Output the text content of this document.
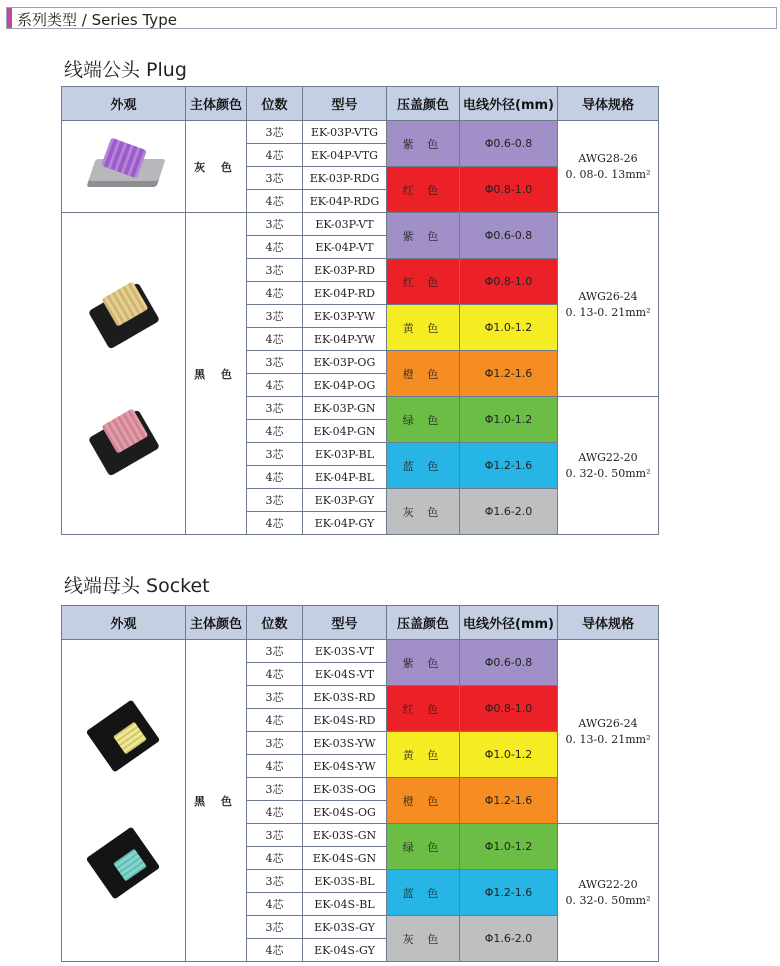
系列类型 / Series Type
线端公头 Plug
外观	主体颜色	位数	型号	压盖颜色	电线外径(mm)	导体规格

	灰 色	3芯	EK-03P-VTG	紫 色	Φ0.6-0.8	AWG28-26
0. 08-0. 13mm²

		4芯	EK-04P-VTG			
		3芯	EK-03P-RDG	红 色	Φ0.8-1.0	
		4芯	EK-04P-RDG			

	黑 色	3芯	EK-03P-VT	紫 色	Φ0.6-0.8	AWG26-24
0. 13-0. 21mm²

		4芯	EK-04P-VT			
		3芯	EK-03P-RD	红 色	Φ0.8-1.0	
		4芯	EK-04P-RD			
		3芯	EK-03P-YW	黄 色	Φ1.0-1.2	
		4芯	EK-04P-YW			
		3芯	EK-03P-OG	橙 色	Φ1.2-1.6	
		4芯	EK-04P-OG			
		3芯	EK-03P-GN	绿 色	Φ1.0-1.2	AWG22-20
0. 32-0. 50mm²

		4芯	EK-04P-GN			
		3芯	EK-03P-BL	蓝 色	Φ1.2-1.6	
		4芯	EK-04P-BL			
		3芯	EK-03P-GY	灰 色	Φ1.6-2.0	
		4芯	EK-04P-GY			
线端母头 Socket
外观	主体颜色	位数	型号	压盖颜色	电线外径(mm)	导体规格

	黑 色	3芯	EK-03S-VT	紫 色	Φ0.6-0.8	AWG26-24
0. 13-0. 21mm²

		4芯	EK-04S-VT			
		3芯	EK-03S-RD	红 色	Φ0.8-1.0	
		4芯	EK-04S-RD			
		3芯	EK-03S-YW	黄 色	Φ1.0-1.2	
		4芯	EK-04S-YW			
		3芯	EK-03S-OG	橙 色	Φ1.2-1.6	
		4芯	EK-04S-OG			
		3芯	EK-03S-GN	绿 色	Φ1.0-1.2	AWG22-20
0. 32-0. 50mm²

		4芯	EK-04S-GN			
		3芯	EK-03S-BL	蓝 色	Φ1.2-1.6	
		4芯	EK-04S-BL			
		3芯	EK-03S-GY	灰 色	Φ1.6-2.0	
		4芯	EK-04S-GY			
